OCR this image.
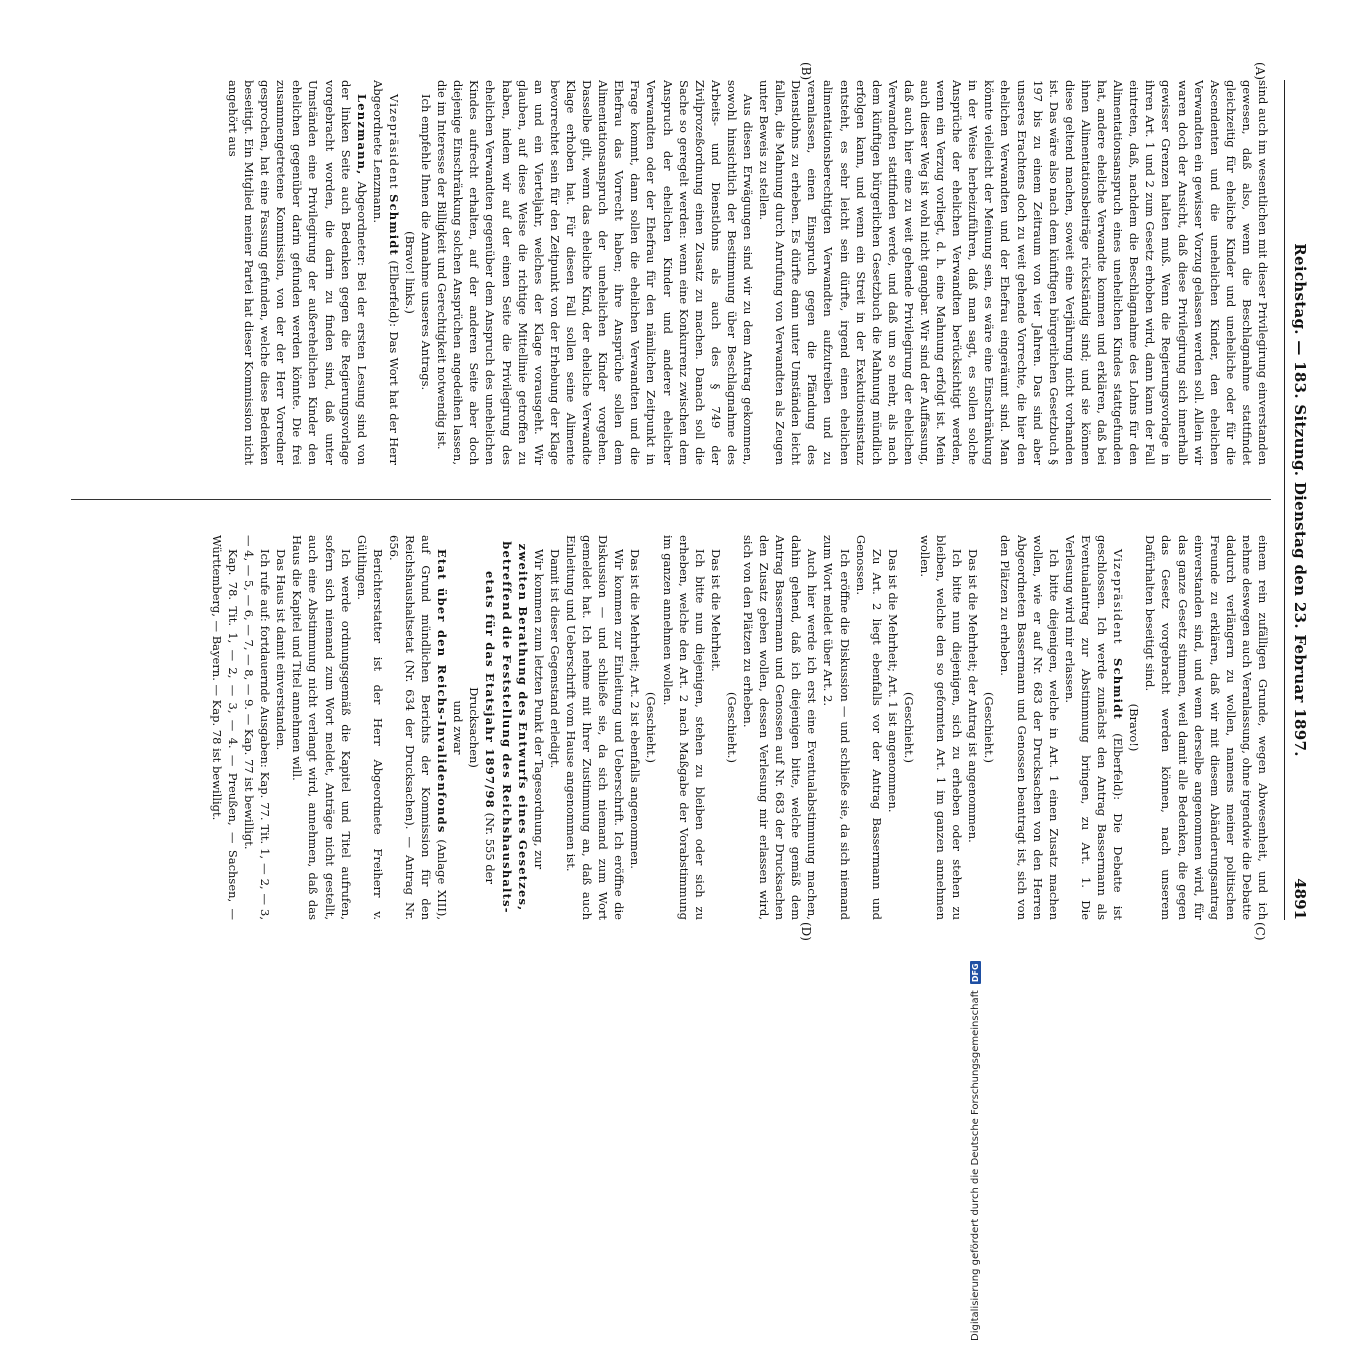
Reichstag. — 183. Sitzung. Dienstag den 23. Februar 1897.
4891
(A)
(B)
(C)
(D)

sind auch im wesentlichen mit dieser Privilegirung einverstanden gewesen, daß also, wenn die Beschlagnahme stattfindet gleichzeitig für eheliche Kinder und uneheliche oder für die Ascendenten und die unehelichen Kinder, den ehelichen Verwandten ein gewisser Vorzug gelassen werden soll. Allein wir waren doch der Ansicht, daß diese Privilegirung sich innerhalb gewisser Grenzen halten muß. Wenn die Regierungsvorlage in ihren Art. 1 und 2 zum Gesetz erhoben wird, dann kann der Fall eintreten, daß, nachdem die Beschlagnahme des Lohns für den Alimentationsanspruch eines unehelichen Kindes stattgefunden hat, andere eheliche Verwandte kommen und erklären, daß bei ihnen Alimentationsbeiträge rückständig sind; und sie können diese geltend machen, soweit eine Verjährung nicht vorhanden ist. Das wäre also nach dem künftigen bürgerlichen Gesetzbuch § 197 bis zu einem Zeitraum von vier Jahren. Das sind aber unseres Erachtens doch zu weit gehende Vorrechte, die hier den ehelichen Verwandten und der Ehefrau eingeräumt sind. Man könnte vielleicht der Meinung sein, es wäre eine Einschränkung in der Weise herbeizuführen, daß man sagt, es sollen solche Ansprüche der ehelichen Verwandten berücksichtigt werden, wenn ein Verzug vorliegt, d. h. eine Mahnung erfolgt ist. Mein auch dieser Weg ist wohl nicht gangbar. Wir sind der Auffassung, daß auch hier eine zu weit gehende Privilegirung der ehelichen Verwandten stattfinden werde, und daß um so mehr, als nach dem künftigen bürgerlichen Gesetzbuch die Mahnung mündlich erfolgen kann, und wenn ein Streit in der Exekutionsinstanz entsteht, es sehr leicht sein dürfte, irgend einen ehelichen alimentationsberechtigten Verwandten aufzutreiben und zu veranlassen, einen Einspruch gegen die Pfändung des Dienstlohns zu erheben. Es dürfte dann unter Umständen leicht fallen, die Mahnung durch Anrufung von Verwandten als Zeugen unter Beweis zu stellen.

Aus diesen Erwägungen sind wir zu dem Antrag gekommen, sowohl hinsichtlich der Bestimmung über Beschlagnahme des Arbeits- und Dienstlohns als auch des § 749 der Zivilprozeßordnung einen Zusatz zu machen. Danach soll die Sache so geregelt werden: wenn eine Konkurrenz zwischen dem Anspruch der ehelichen Kinder und anderer ehelicher Verwandten oder der Ehefrau für den nämlichen Zeitpunkt in Frage kommt, dann sollen die ehelichen Verwandten und die Ehefrau das Vorrecht haben; ihre Ansprüche sollen dem Alimentationsanspruch der unehelichen Kinder vorgehen. Dasselbe gilt, wenn das eheliche Kind, der eheliche Verwandte Klage erhoben hat. Für diesen Fall sollen seine Alimente bevorrechtet sein für den Zeitpunkt von der Erhebung der Klage an und ein Vierteljahr, welches der Klage vorausgeht. Wir glauben, auf diese Weise die richtige Mittellinie getroffen zu haben, indem wir auf der einen Seite die Privilegirung des ehelichen Verwandten gegenüber dem Anspruch des unehelichen Kindes aufrecht erhalten, auf der anderen Seite aber doch diejenige Einschränkung solchen Ansprüchen angedeihen lassen, die im Interesse der Billigkeit und Gerechtigkeit notwendig ist.

Ich empfehle Ihnen die Annahme unseres Antrags.

(Bravo! links.)

Vizepräsident Schmidt (Elberfeld): Das Wort hat der Herr Abgeordnete Lenzmann.

Lenzmann, Abgeordneter: Bei der ersten Lesung sind von der linken Seite auch Bedenken gegen die Regierungsvorlage vorgebracht worden, die darin zu finden sind, daß unter Umständen eine Privilegirung der außerehelichen Kinder den ehelichen gegenüber darin gefunden werden könnte. Die frei zusammengetretene Kommission, von der der Herr Vorredner gesprochen, hat eine Fassung gefunden, welche diese Bedenken beseitigt. Ein Mitglied meiner Partei hat dieser Kommission nicht angehört aus

einem rein zufälligen Grunde, wegen Abwesenheit, und ich nehme deswegen auch Veranlassung, ohne irgendwie die Debatte dadurch verlängern zu wollen, namens meiner politischen Freunde zu erklären, daß wir mit diesem Abänderungsantrag einverstanden sind, und wenn derselbe angenommen wird, für das ganze Gesetz stimmen, weil damit alle Bedenken, die gegen das Gesetz vorgebracht werden können, nach unserem Dafürhalten beseitigt sind.

(Bravo!)

Vizepräsident Schmidt (Elberfeld): Die Debatte ist geschlossen. Ich werde zunächst den Antrag Bassermann als Eventualantrag zur Abstimmung bringen, zu Art. 1. Die Verlesung wird mir erlassen.

Ich bitte diejenigen, welche in Art. 1 einen Zusatz machen wollen, wie er auf Nr. 683 der Drucksachen von den Herren Abgeordneten Bassermann und Genossen beantragt ist, sich von den Plätzen zu erheben.

(Geschieht.)

Das ist die Mehrheit; der Antrag ist angenommen.

Ich bitte nun diejenigen, sich zu erheben oder stehen zu bleiben, welche den so geformten Art. 1 im ganzen annehmen wollen.

(Geschieht.)

Das ist die Mehrheit; Art. 1 ist angenommen.

Zu Art. 2 liegt ebenfalls vor der Antrag Bassermann und Genossen.

Ich eröffne die Diskussion — und schließe sie, da sich niemand zum Wort meldet über Art. 2.

Auch hier werde ich erst eine Eventualabstimmung machen, dahin gehend, daß ich diejenigen bitte, welche gemäß dem Antrag Bassermann und Genossen auf Nr. 683 der Drucksachen den Zusatz geben wollen, dessen Verlesung mir erlassen wird, sich von den Plätzen zu erheben.

(Geschieht.)

Das ist die Mehrheit.

Ich bitte nun diejenigen, stehen zu bleiben oder sich zu erheben, welche den Art. 2 nach Maßgabe der Vorabstimmung im ganzen annehmen wollen.

(Geschieht.)

Das ist die Mehrheit; Art. 2 ist ebenfalls angenommen.

Wir kommen zur Einleitung und Ueberschrift. Ich eröffne die Diskussion — und schließe sie, da sich niemand zum Wort gemeldet hat. Ich nehme mit Ihrer Zustimmung an, daß auch Einleitung und Ueberschrift vom Hause angenommen ist.

Damit ist dieser Gegenstand erledigt.

Wir kommen zum letzten Punkt der Tagesordnung, zur

zweiten Berathung des Entwurfs eines Gesetzes, betreffend die Feststellung des Reichshaushalts-etats für das Etatsjahr 1897/98 (Nr. 555 der Drucksachen)

und zwar

Etat über den Reichs-Invalidenfonds (Anlage XIII), auf Grund mündlichen Berichts der Kommission für den Reichshaushaltsetat (Nr. 634 der Drucksachen). — Antrag Nr. 656.

Berichterstatter ist der Herr Abgeordnete Freiherr v. Gültlingen.

Ich werde ordnungsgemäß die Kapitel und Titel aufrufen, sofern sich niemand zum Wort meldet, Anträge nicht gestellt, auch eine Abstimmung nicht verlangt wird, annehmen, daß das Haus die Kapitel und Titel annehmen will.

Das Haus ist damit einverstanden.

Ich rufe auf: fortdauernde Ausgaben: Kap. 77. Tit. 1, — 2, — 3, — 4, — 5, — 6, — 7, — 8, — 9. — Kap. 77 ist bewilligt.

Kap. 78. Tit. 1, — 2, — 3, — 4. — Preußen, — Sachsen, — Württemberg, — Bayern. — Kap. 78 ist bewilligt.

Digitalisierung gefördert durch die Deutsche Forschungsgemeinschaft
DFG
